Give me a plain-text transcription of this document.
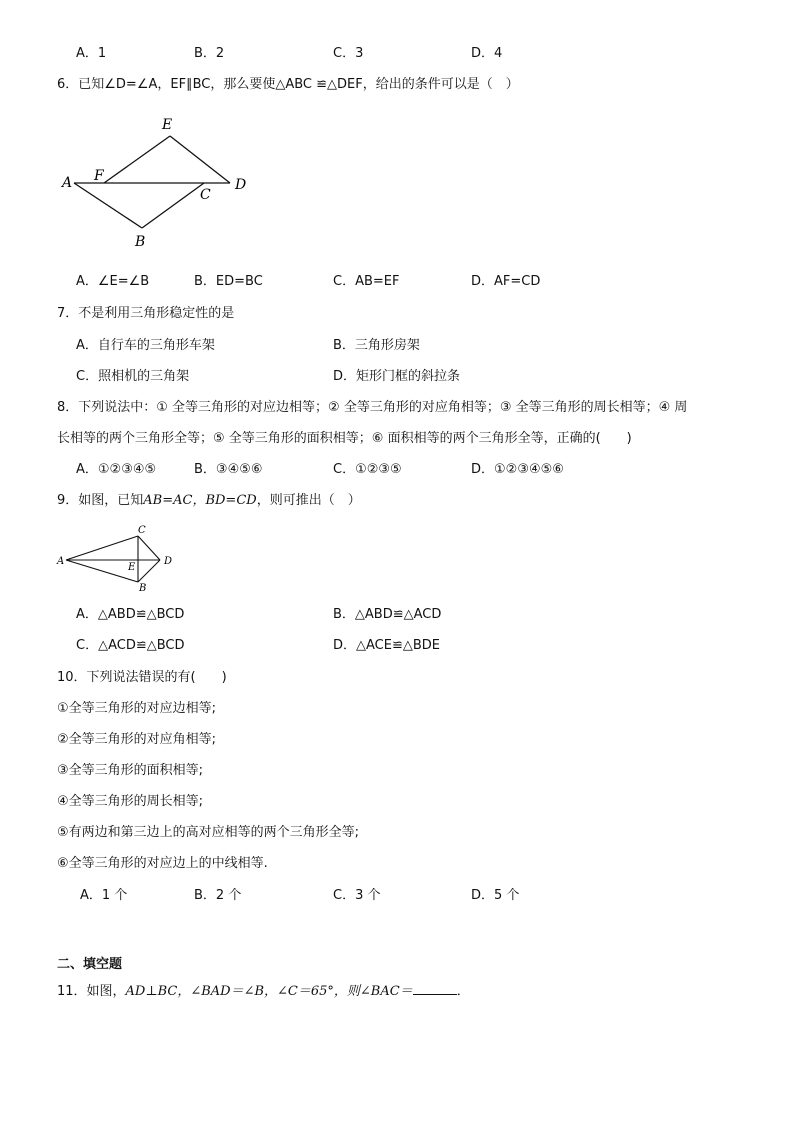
A．1	B．2	C．3	D．4
6．已知∠D=∠A，EF∥BC，那么要使△ABC ≌△DEF，给出的条件可以是（　）
A F
E
C
D
B
A．∠E=∠B	B．ED=BC	C．AB=EF	D．AF=CD
7．不是利用三角形稳定性的是
A．自行车的三角形车架	B．三角形房架
C．照相机的三角架	D．矩形门框的斜拉条
8．下列说法中：① 全等三角形的对应边相等；② 全等三角形的对应角相等；③ 全等三角形的周长相等；④ 周
长相等的两个三角形全等；⑤ 全等三角形的面积相等；⑥ 面积相等的两个三角形全等，正确的(　　)
A．①②③④⑤	B．③④⑤⑥	C．①②③⑤	D．①②③④⑤⑥
9．如图，已知AB=AC，BD=CD，则可推出（　）
A
C
D
E
B
A．△ABD≌△BCD	B．△ABD≌△ACD
C．△ACD≌△BCD	D．△ACE≌△BDE
10．下列说法错误的有(　　)
①全等三角形的对应边相等;
②全等三角形的对应角相等;
③全等三角形的面积相等;
④全等三角形的周长相等;
⑤有两边和第三边上的高对应相等的两个三角形全等;
⑥全等三角形的对应边上的中线相等.
A．1 个	B．2 个	C．3 个	D．5 个
二、填空题
11．如图，AD⊥BC，∠BAD＝∠B，∠C＝65°，则∠BAC＝	．
